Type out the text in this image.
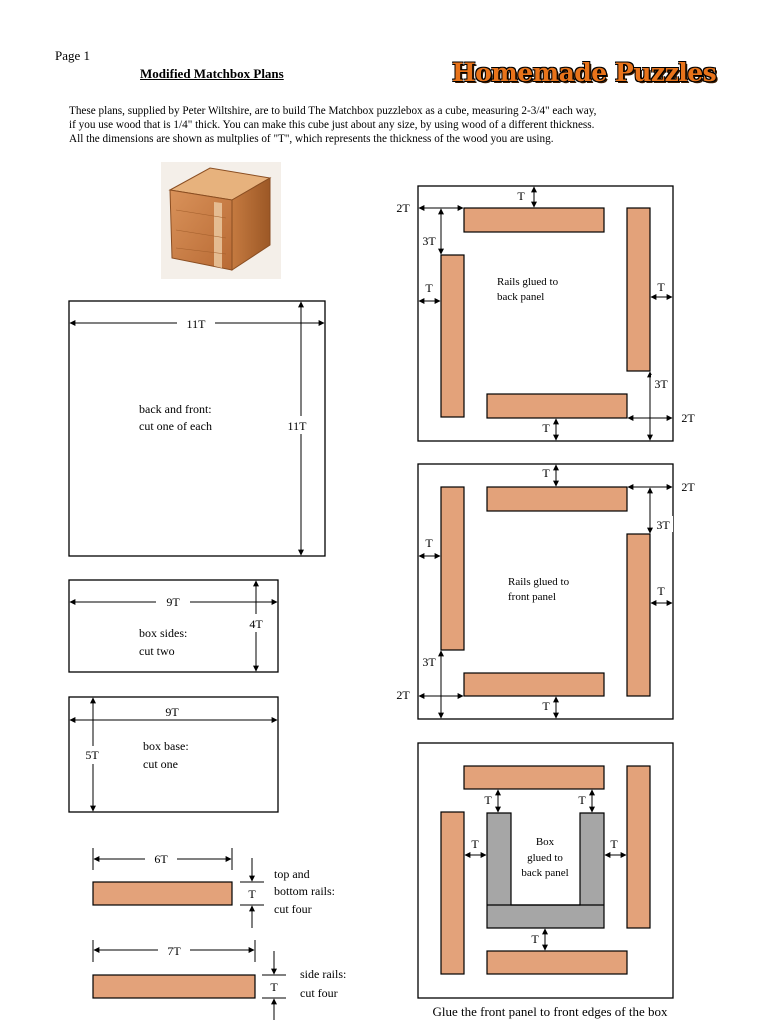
Page 1
Modified Matchbox Plans	Homemade Puzzles

These plans, supplied by Peter Wiltshire, are to build The Matchbox puzzlebox as a cube, measuring 2-3/4" each way,

if you use wood that is 1/4" thick. You can make this cube just about any size, by using wood of a different thickness.

All the dimensions are shown as multplies of "T", which represents the thickness of the wood you are using.

11T
11T
back and front:
cut one of each
9T
4T
box sides:
cut two
9T
5T
box base:
cut one
6T
T
top and
bottom rails:
cut four
7T
T
side rails:
cut four
T
2T
3T
T	T
3T
2T
T
Rails glued to
back panel
T
2T
3T
T
T
3T
2T
T
Rails glued to
front panel
T	T
T	T
T
Box
glued to
back panel
Glue the front panel to front edges of the box
